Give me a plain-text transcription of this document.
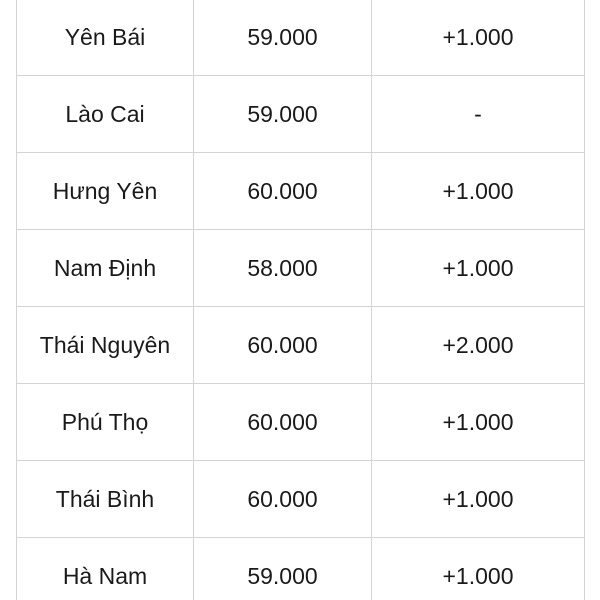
Yên Bái	59.000	+1.000
Lào Cai	59.000	-
Hưng Yên	60.000	+1.000
Nam Định	58.000	+1.000
Thái Nguyên	60.000	+2.000
Phú Thọ	60.000	+1.000
Thái Bình	60.000	+1.000
Hà Nam	59.000	+1.000
